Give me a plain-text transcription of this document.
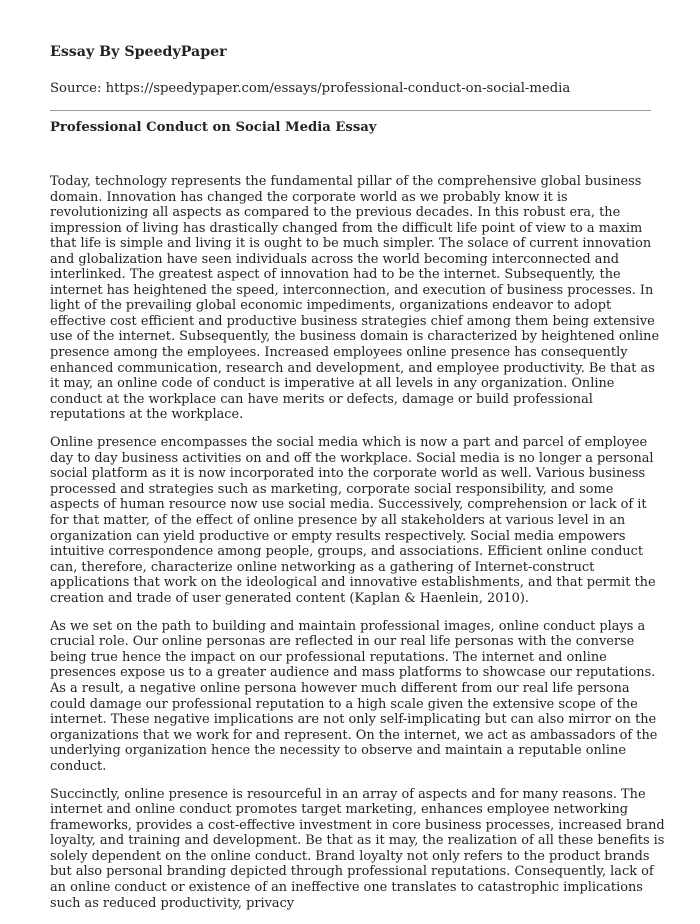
Essay By SpeedyPaper
Source: https://speedypaper.com/essays/professional-conduct-on-social-media
Professional Conduct on Social Media Essay

Today, technology represents the fundamental pillar of the comprehensive global business domain. Innovation has changed the corporate world as we probably know it is revolutionizing all aspects as compared to the previous decades. In this robust era, the impression of living has drastically changed from the difficult life point of view to a maxim that life is simple and living it is ought to be much simpler. The solace of current innovation and globalization have seen individuals across the world becoming interconnected and interlinked. The greatest aspect of innovation had to be the internet. Subsequently, the internet has heightened the speed, interconnection, and execution of business processes. In light of the prevailing global economic impediments, organizations endeavor to adopt effective cost efficient and productive business strategies chief among them being extensive use of the internet. Subsequently, the business domain is characterized by heightened online presence among the employees. Increased employees online presence has consequently enhanced communication, research and development, and employee productivity. Be that as it may, an online code of conduct is imperative at all levels in any organization. Online conduct at the workplace can have merits or defects, damage or build professional reputations at the workplace.

Online presence encompasses the social media which is now a part and parcel of employee day to day business activities on and off the workplace. Social media is no longer a personal social platform as it is now incorporated into the corporate world as well. Various business processed and strategies such as marketing, corporate social responsibility, and some aspects of human resource now use social media. Successively, comprehension or lack of it for that matter, of the effect of online presence by all stakeholders at various level in an organization can yield productive or empty results respectively. Social media empowers intuitive correspondence among people, groups, and associations. Efficient online conduct can, therefore, characterize online networking as a gathering of Internet-construct applications that work on the ideological and innovative establishments, and that permit the creation and trade of user generated content (Kaplan & Haenlein, 2010).

As we set on the path to building and maintain professional images, online conduct plays a crucial role. Our online personas are reflected in our real life personas with the converse being true hence the impact on our professional reputations. The internet and online presences expose us to a greater audience and mass platforms to showcase our reputations. As a result, a negative online persona however much different from our real life persona could damage our professional reputation to a high scale given the extensive scope of the internet. These negative implications are not only self-implicating but can also mirror on the organizations that we work for and represent. On the internet, we act as ambassadors of the underlying organization hence the necessity to observe and maintain a reputable online conduct.

Succinctly, online presence is resourceful in an array of aspects and for many reasons. The internet and online conduct promotes target marketing, enhances employee networking frameworks, provides a cost-effective investment in core business processes, increased brand loyalty, and training and development. Be that as it may, the realization of all these benefits is solely dependent on the online conduct. Brand loyalty not only refers to the product brands but also personal branding depicted through professional reputations. Consequently, lack of an online conduct or existence of an ineffective one translates to catastrophic implications such as reduced productivity, privacy
